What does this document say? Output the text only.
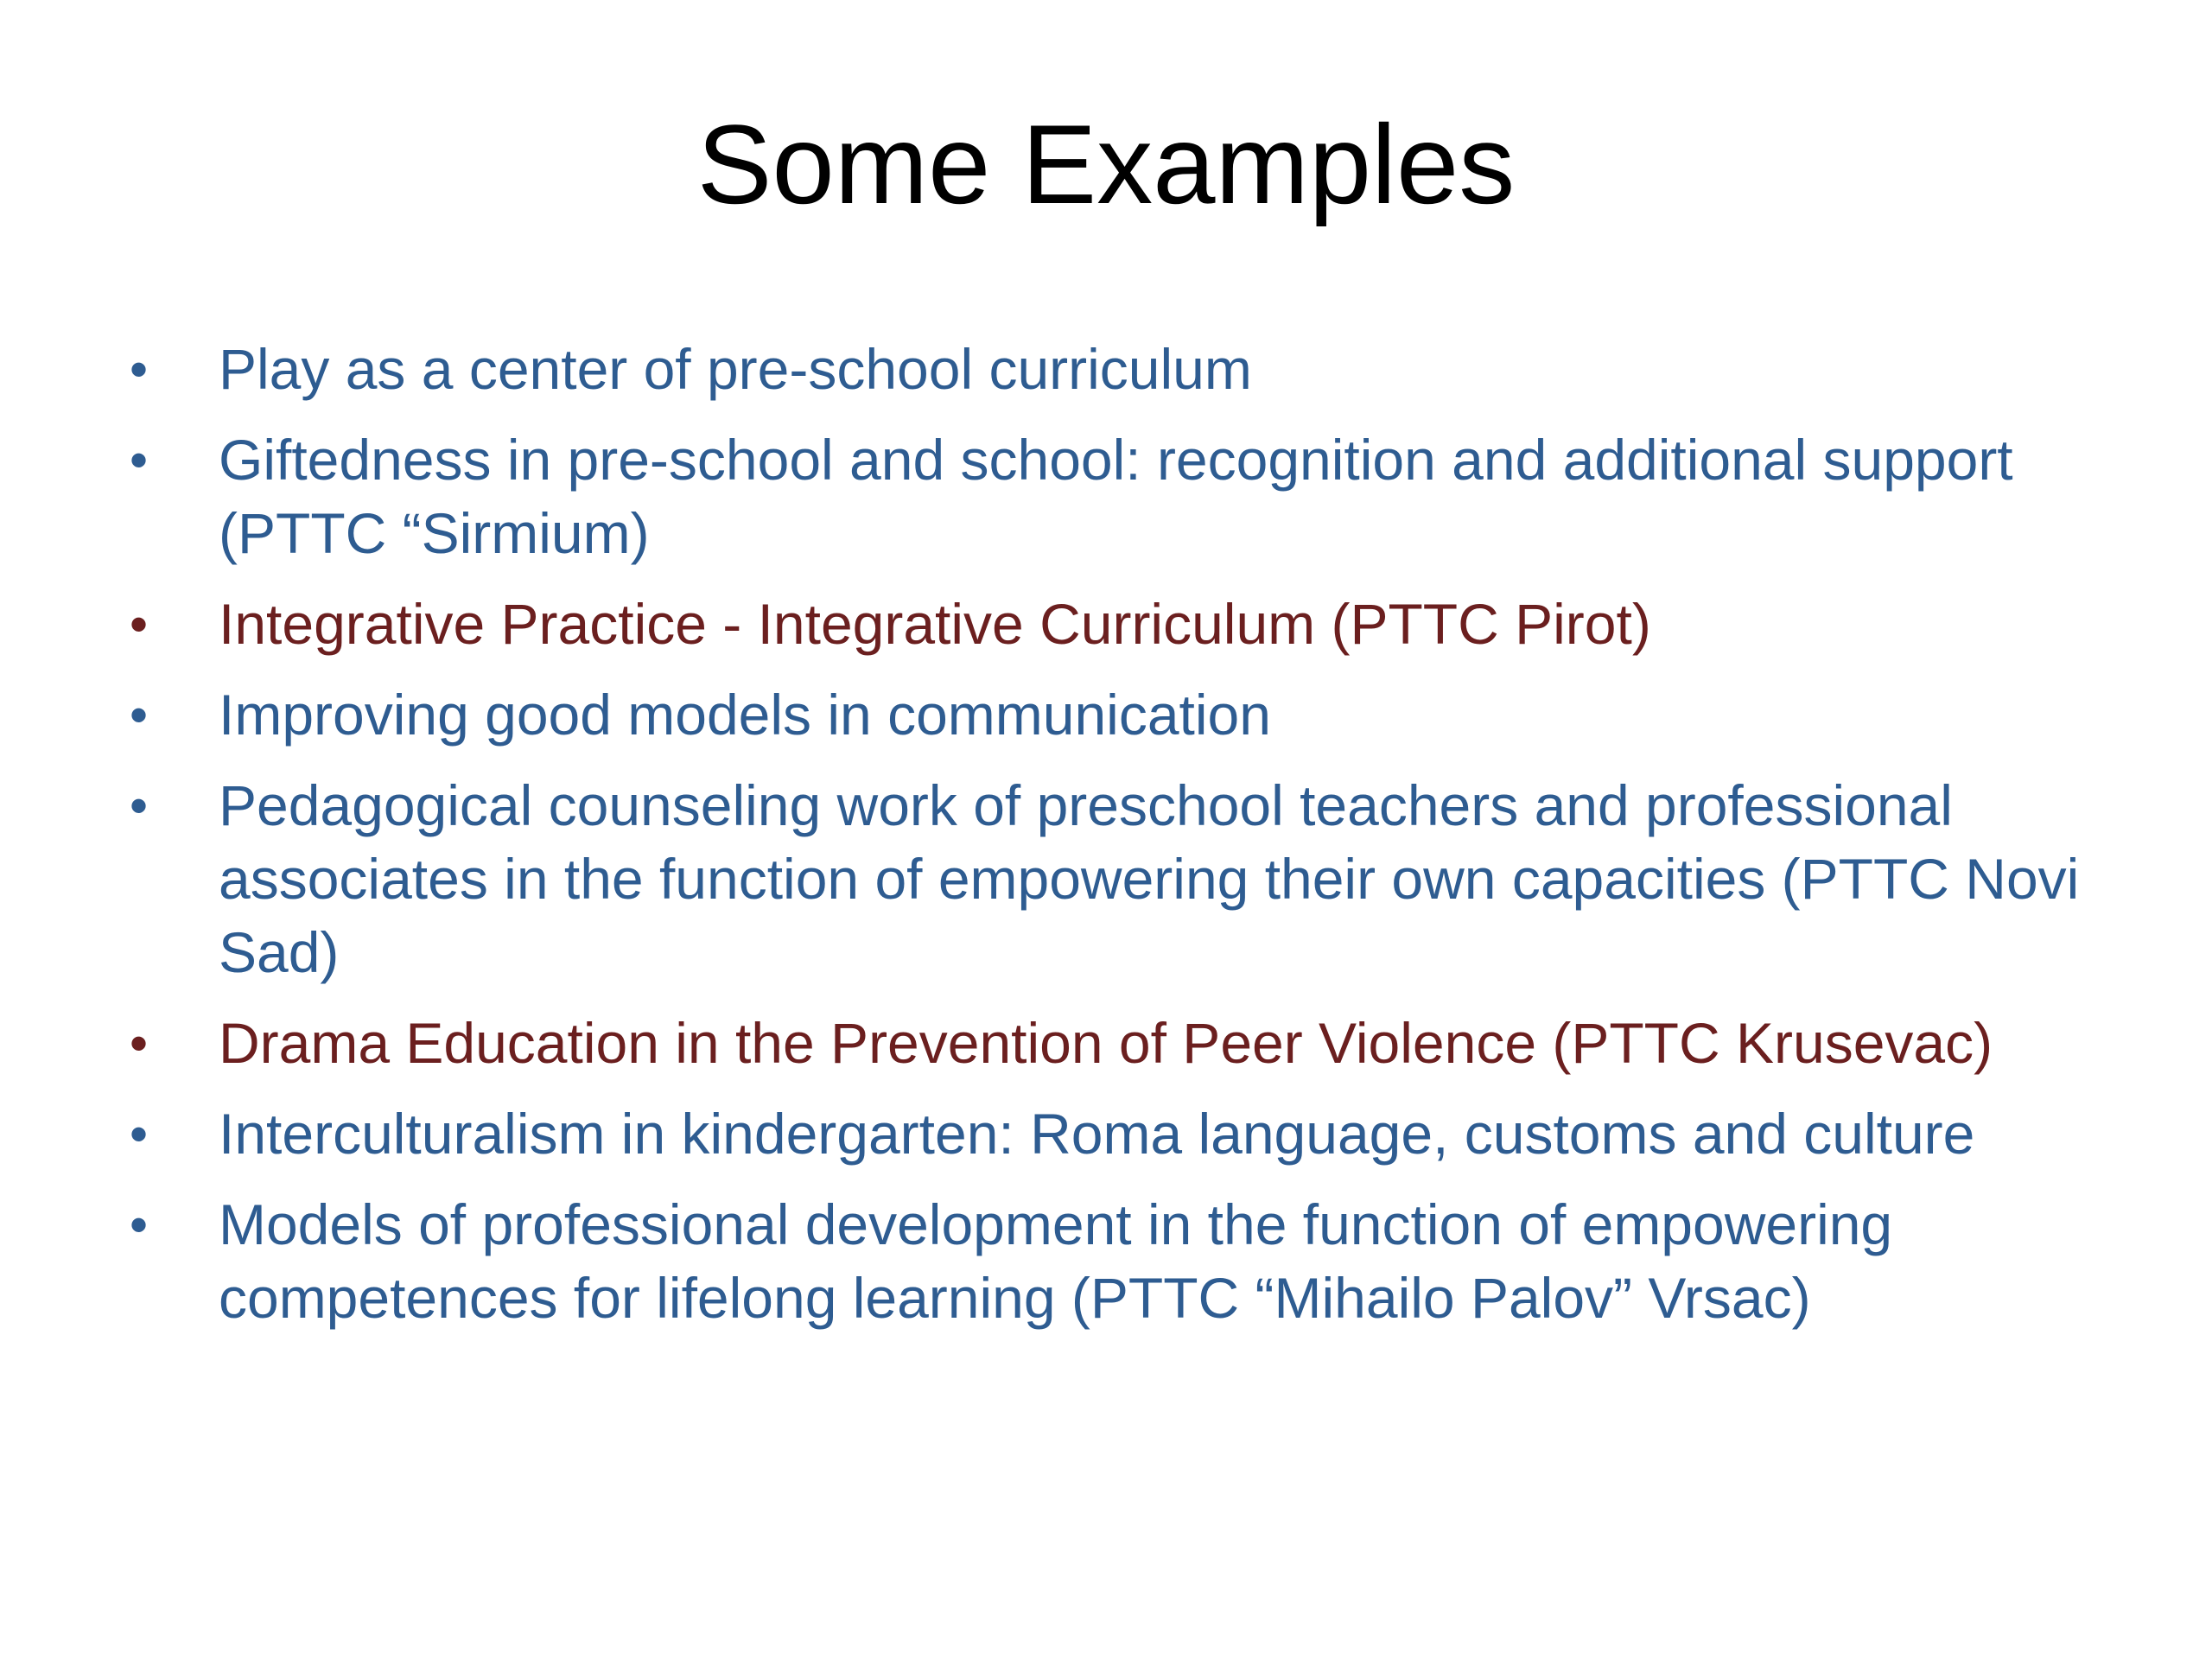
Some Examples
• Play as a center of pre-school curriculum
• Giftedness in pre-school and school: recognition and additional support (PTTC “Sirmium)
• Integrative Practice - Integrative Curriculum (PTTC Pirot)
• Improving good models in communication
• Pedagogical counseling work of preschool teachers and professional associates in the function of empowering their own capacities (PTTC Novi Sad)
• Drama Education in the Prevention of Peer Violence (PTTC Krusevac)
• Interculturalism in kindergarten: Roma language, customs and culture
• Models of professional development in the function of empowering competences for lifelong learning (PTTC “Mihailo Palov” Vrsac)
